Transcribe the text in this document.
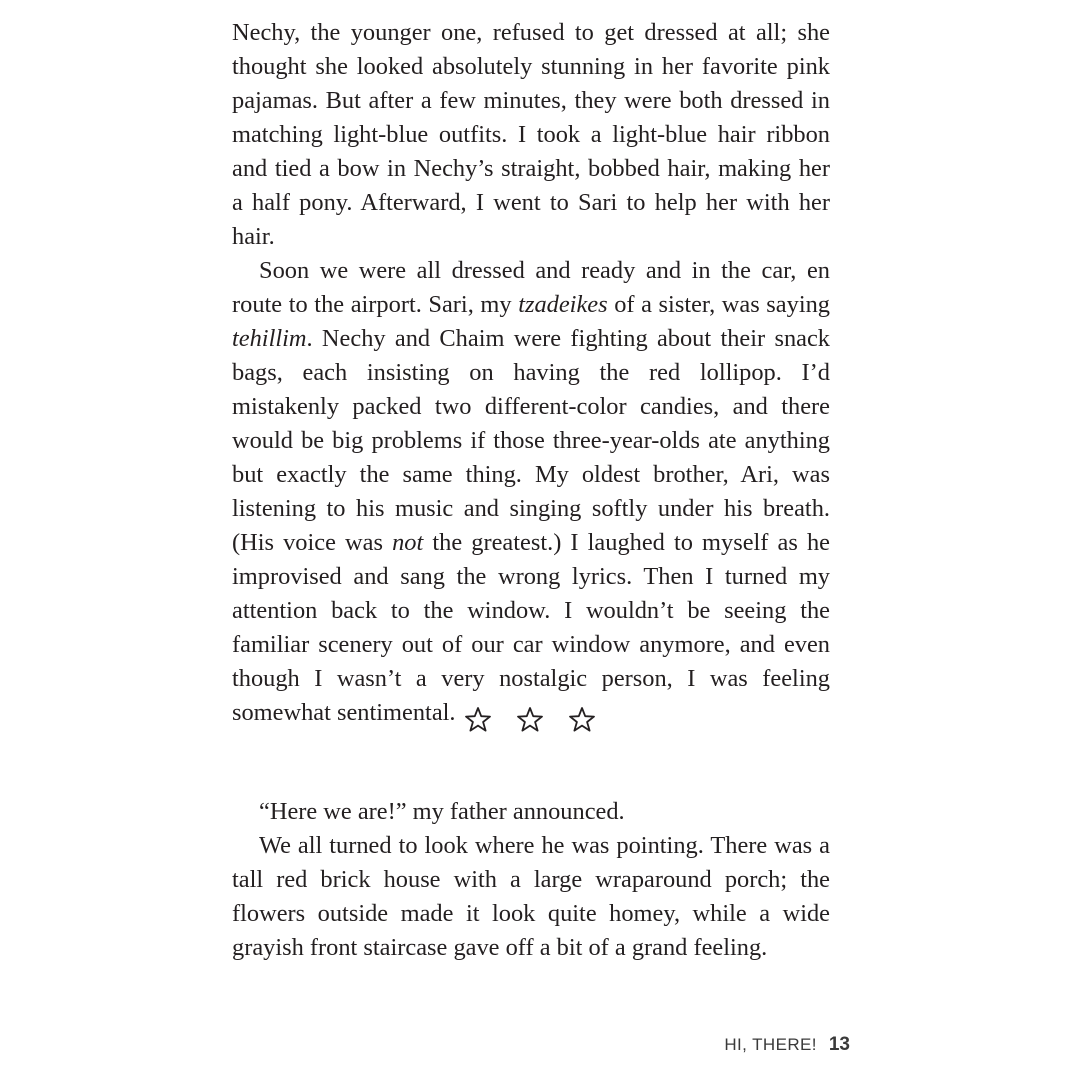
Nechy, the younger one, refused to get dressed at all; she thought she looked absolutely stunning in her favorite pink pajamas. But after a few minutes, they were both dressed in matching light-blue outfits. I took a light-blue hair ribbon and tied a bow in Nechy’s straight, bobbed hair, making her a half pony. Afterward, I went to Sari to help her with her hair.

Soon we were all dressed and ready and in the car, en route to the airport. Sari, my tzadeikes of a sister, was saying tehillim. Nechy and Chaim were fighting about their snack bags, each insisting on having the red lollipop. I’d mistakenly packed two different-color candies, and there would be big problems if those three-year-olds ate anything but exactly the same thing. My oldest brother, Ari, was listening to his music and singing softly under his breath. (His voice was not the greatest.) I laughed to myself as he improvised and sang the wrong lyrics. Then I turned my attention back to the window. I wouldn’t be seeing the familiar scenery out of our car window anymore, and even though I wasn’t a very nostalgic person, I was feeling somewhat sentimental.

“Here we are!” my father announced.

We all turned to look where he was pointing. There was a tall red brick house with a large wraparound porch; the flowers outside made it look quite homey, while a wide grayish front staircase gave off a bit of a grand feeling.

HI, THERE! 13
